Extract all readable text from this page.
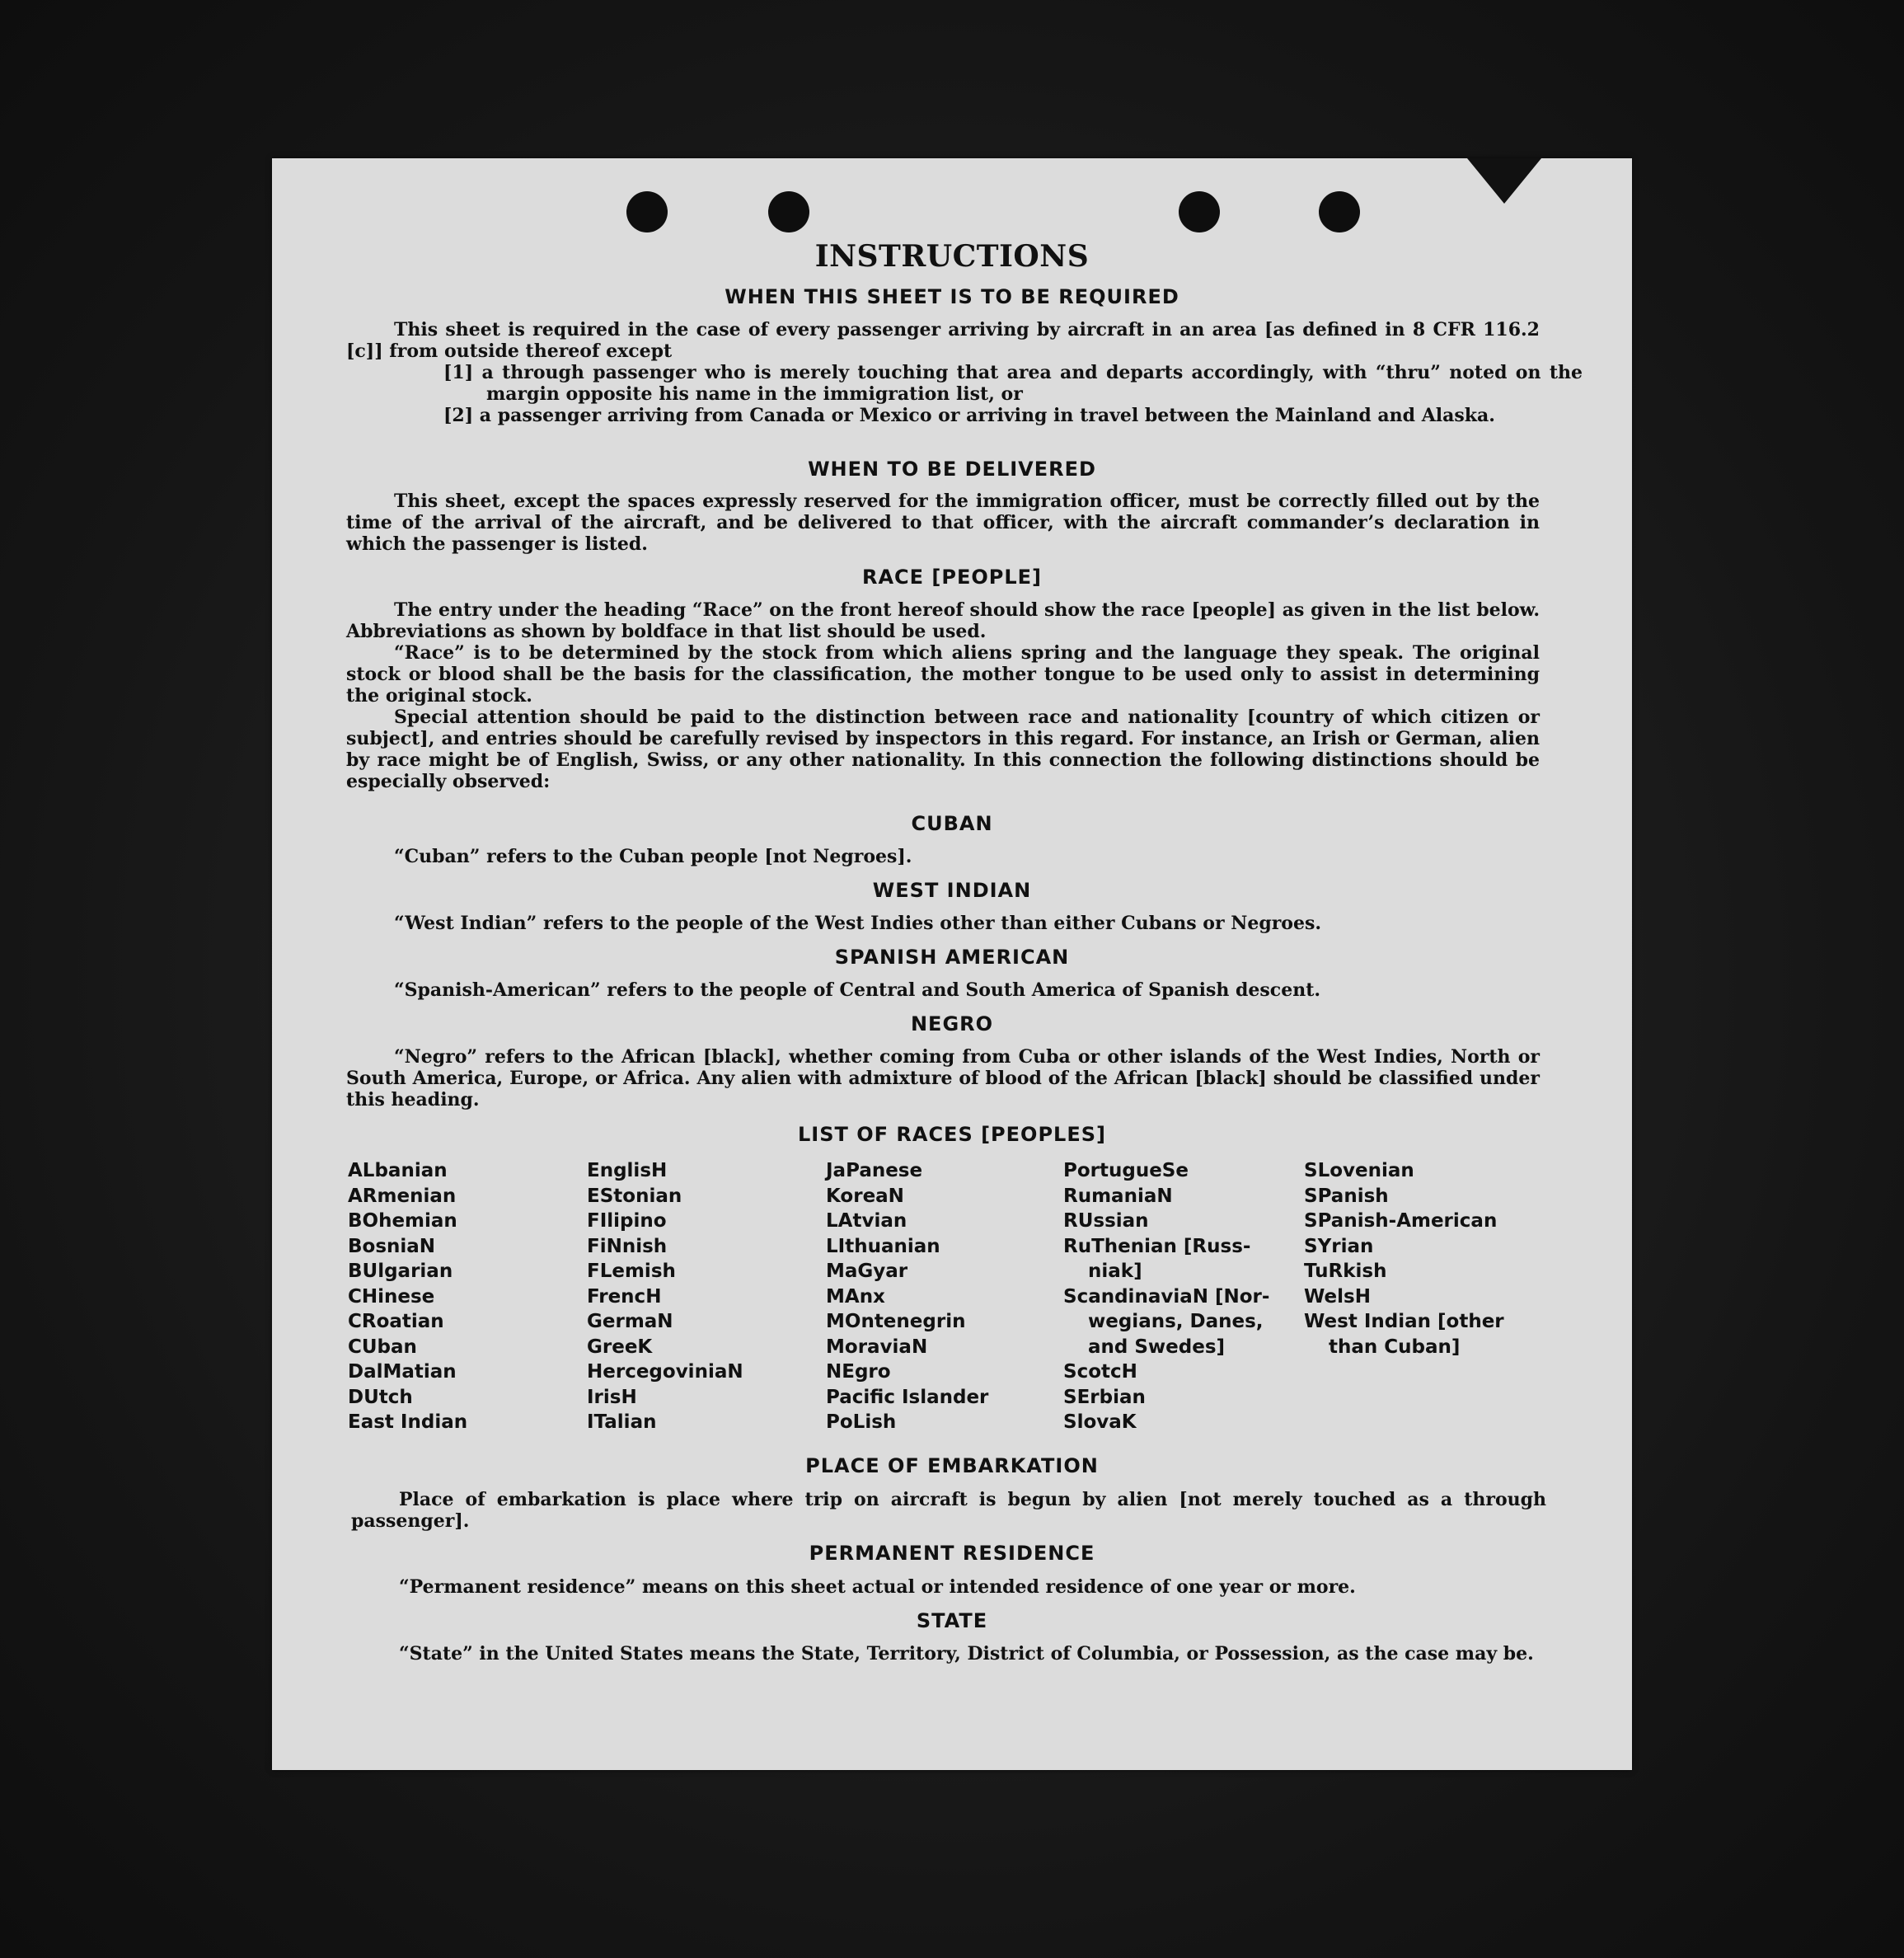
INSTRUCTIONS
WHEN THIS SHEET IS TO BE REQUIRED
This sheet is required in the case of every passenger arriving by aircraft in an area [as defined in 8 CFR 116.2 [c]] from outside thereof except
[1] a through passenger who is merely touching that area and departs accordingly, with “thru” noted on the margin opposite his name in the immigration list, or
[2] a passenger arriving from Canada or Mexico or arriving in travel between the Mainland and Alaska.
WHEN TO BE DELIVERED
This sheet, except the spaces expressly reserved for the immigration officer, must be correctly filled out by the time of the arrival of the aircraft, and be delivered to that officer, with the aircraft commander’s declaration in which the passenger is listed.
RACE [PEOPLE]
The entry under the heading “Race” on the front hereof should show the race [people] as given in the list below. Abbreviations as shown by boldface in that list should be used.
“Race” is to be determined by the stock from which aliens spring and the language they speak. The original stock or blood shall be the basis for the classification, the mother tongue to be used only to assist in determining the original stock.
Special attention should be paid to the distinction between race and nationality [country of which citizen or subject], and entries should be carefully revised by inspectors in this regard. For instance, an Irish or German, alien by race might be of English, Swiss, or any other nationality. In this connection the following distinctions should be especially observed:
CUBAN
“Cuban” refers to the Cuban people [not Negroes].
WEST INDIAN
“West Indian” refers to the people of the West Indies other than either Cubans or Negroes.
SPANISH AMERICAN
“Spanish-American” refers to the people of Central and South America of Spanish descent.
NEGRO
“Negro” refers to the African [black], whether coming from Cuba or other islands of the West Indies, North or South America, Europe, or Africa. Any alien with admixture of blood of the African [black] should be classified under this heading.
LIST OF RACES [PEOPLES]
ALbanian
ARmenian
BOhemian
BosniaN
BUlgarian
CHinese
CRoatian
CUban
DalMatian
DUtch
East Indian
EnglisH
EStonian
FIlipino
FiNnish
FLemish
FrencH
GermaN
GreeK
HercegoviniaN
IrisH
ITalian
JaPanese
KoreaN
LAtvian
LIthuanian
MaGyar
MAnx
MOntenegrin
MoraviaN
NEgro
Pacific Islander
PoLish
PortugueSe
RumaniaN
RUssian
RuThenian [Russ-
niak]
ScandinaviaN [Nor-
wegians, Danes,
and Swedes]
ScotcH
SErbian
SlovaK
SLovenian
SPanish
SPanish-American
SYrian
TuRkish
WelsH
West Indian [other
than Cuban]
PLACE OF EMBARKATION
Place of embarkation is place where trip on aircraft is begun by alien [not merely touched as a through passenger].
PERMANENT RESIDENCE
“Permanent residence” means on this sheet actual or intended residence of one year or more.
STATE
“State” in the United States means the State, Territory, District of Columbia, or Possession, as the case may be.
